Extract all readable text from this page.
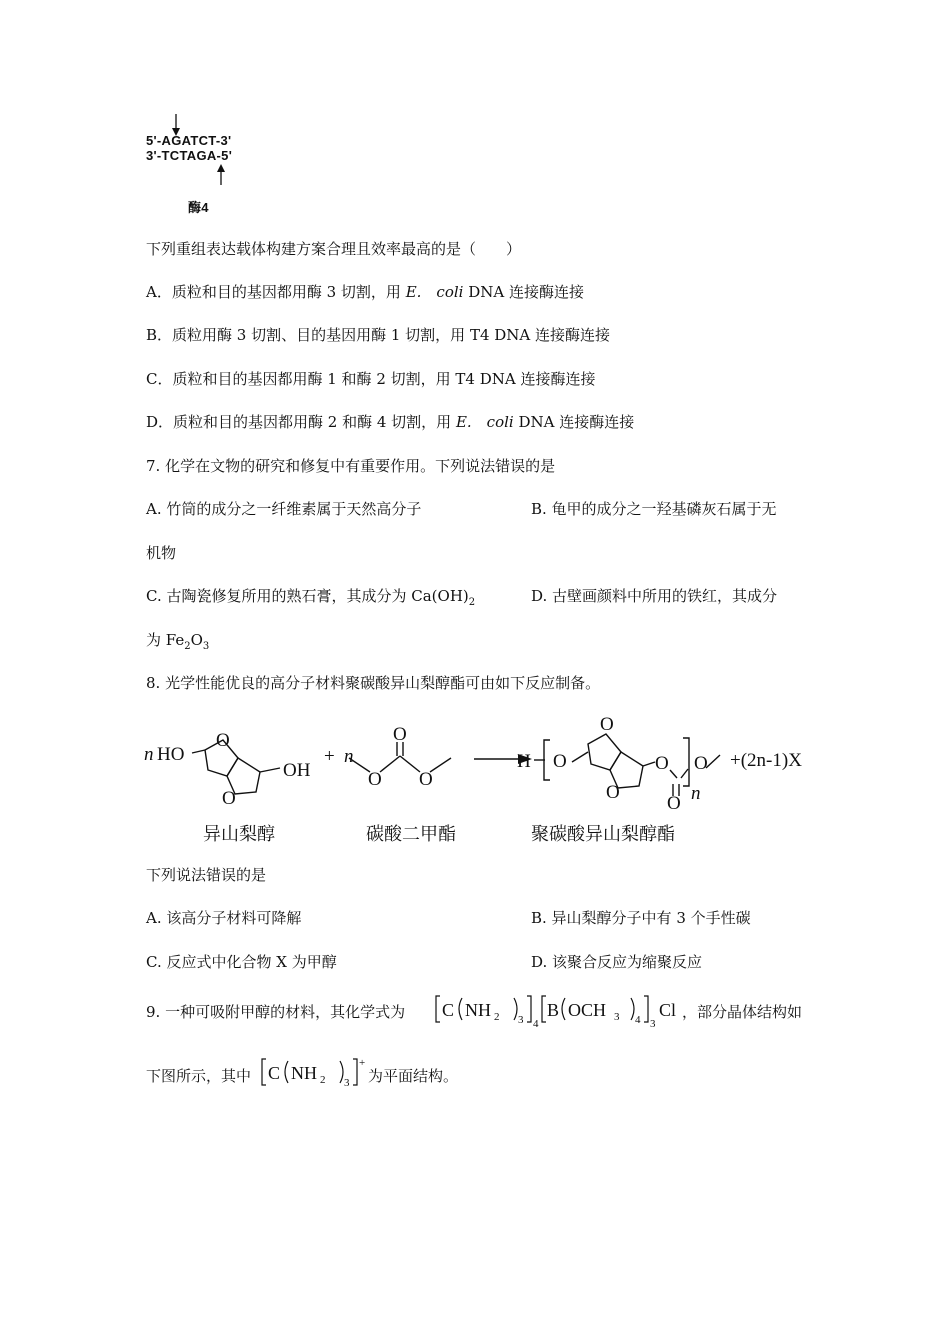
5'-AGATCT-3'
3'-TCTAGA-5'
酶4
下列重组表达载体构建方案合理且效率最高的是（　　）
A．质粒和目的基因都用酶 3 切割，用 E.　coli DNA 连接酶连接
B．质粒用酶 3 切割、目的基因用酶 1 切割，用 T4 DNA 连接酶连接
C．质粒和目的基因都用酶 1 和酶 2 切割，用 T4 DNA 连接酶连接
D．质粒和目的基因都用酶 2 和酶 4 切割，用 E.　coli DNA 连接酶连接
7. 化学在文物的研究和修复中有重要作用。下列说法错误的是
A. 竹筒的成分之一纤维素属于天然高分子	B. 龟甲的成分之一羟基磷灰石属于无
机物
C. 古陶瓷修复所用的熟石膏，其成分为 $Ca(OH)_2$	D. 古壁画颜料中所用的铁红，其成分
为 $Fe_2O_3$
8. 光学性能优良的高分子材料聚碳酸异山梨醇酯可由如下反应制备。
n HO
O
O
OH
+ n
O
O
O
H O
O
O
O
O n
O +(2n-1)X
异山梨醇	碳酸二甲酯	聚碳酸异山梨醇酯
下列说法错误的是
A. 该高分子材料可降解	B. 异山梨醇分子中有 3 个手性碳
C. 反应式中化合物 X 为甲醇	D. 该聚合反应为缩聚反应
9. 一种可吸附甲醇的材料，其化学式为 C NH 2 3 4
B OCH 3 4 3
Cl ，部分晶体结构如
下图所示，其中 C NH 2 3
+
为平面结构。
